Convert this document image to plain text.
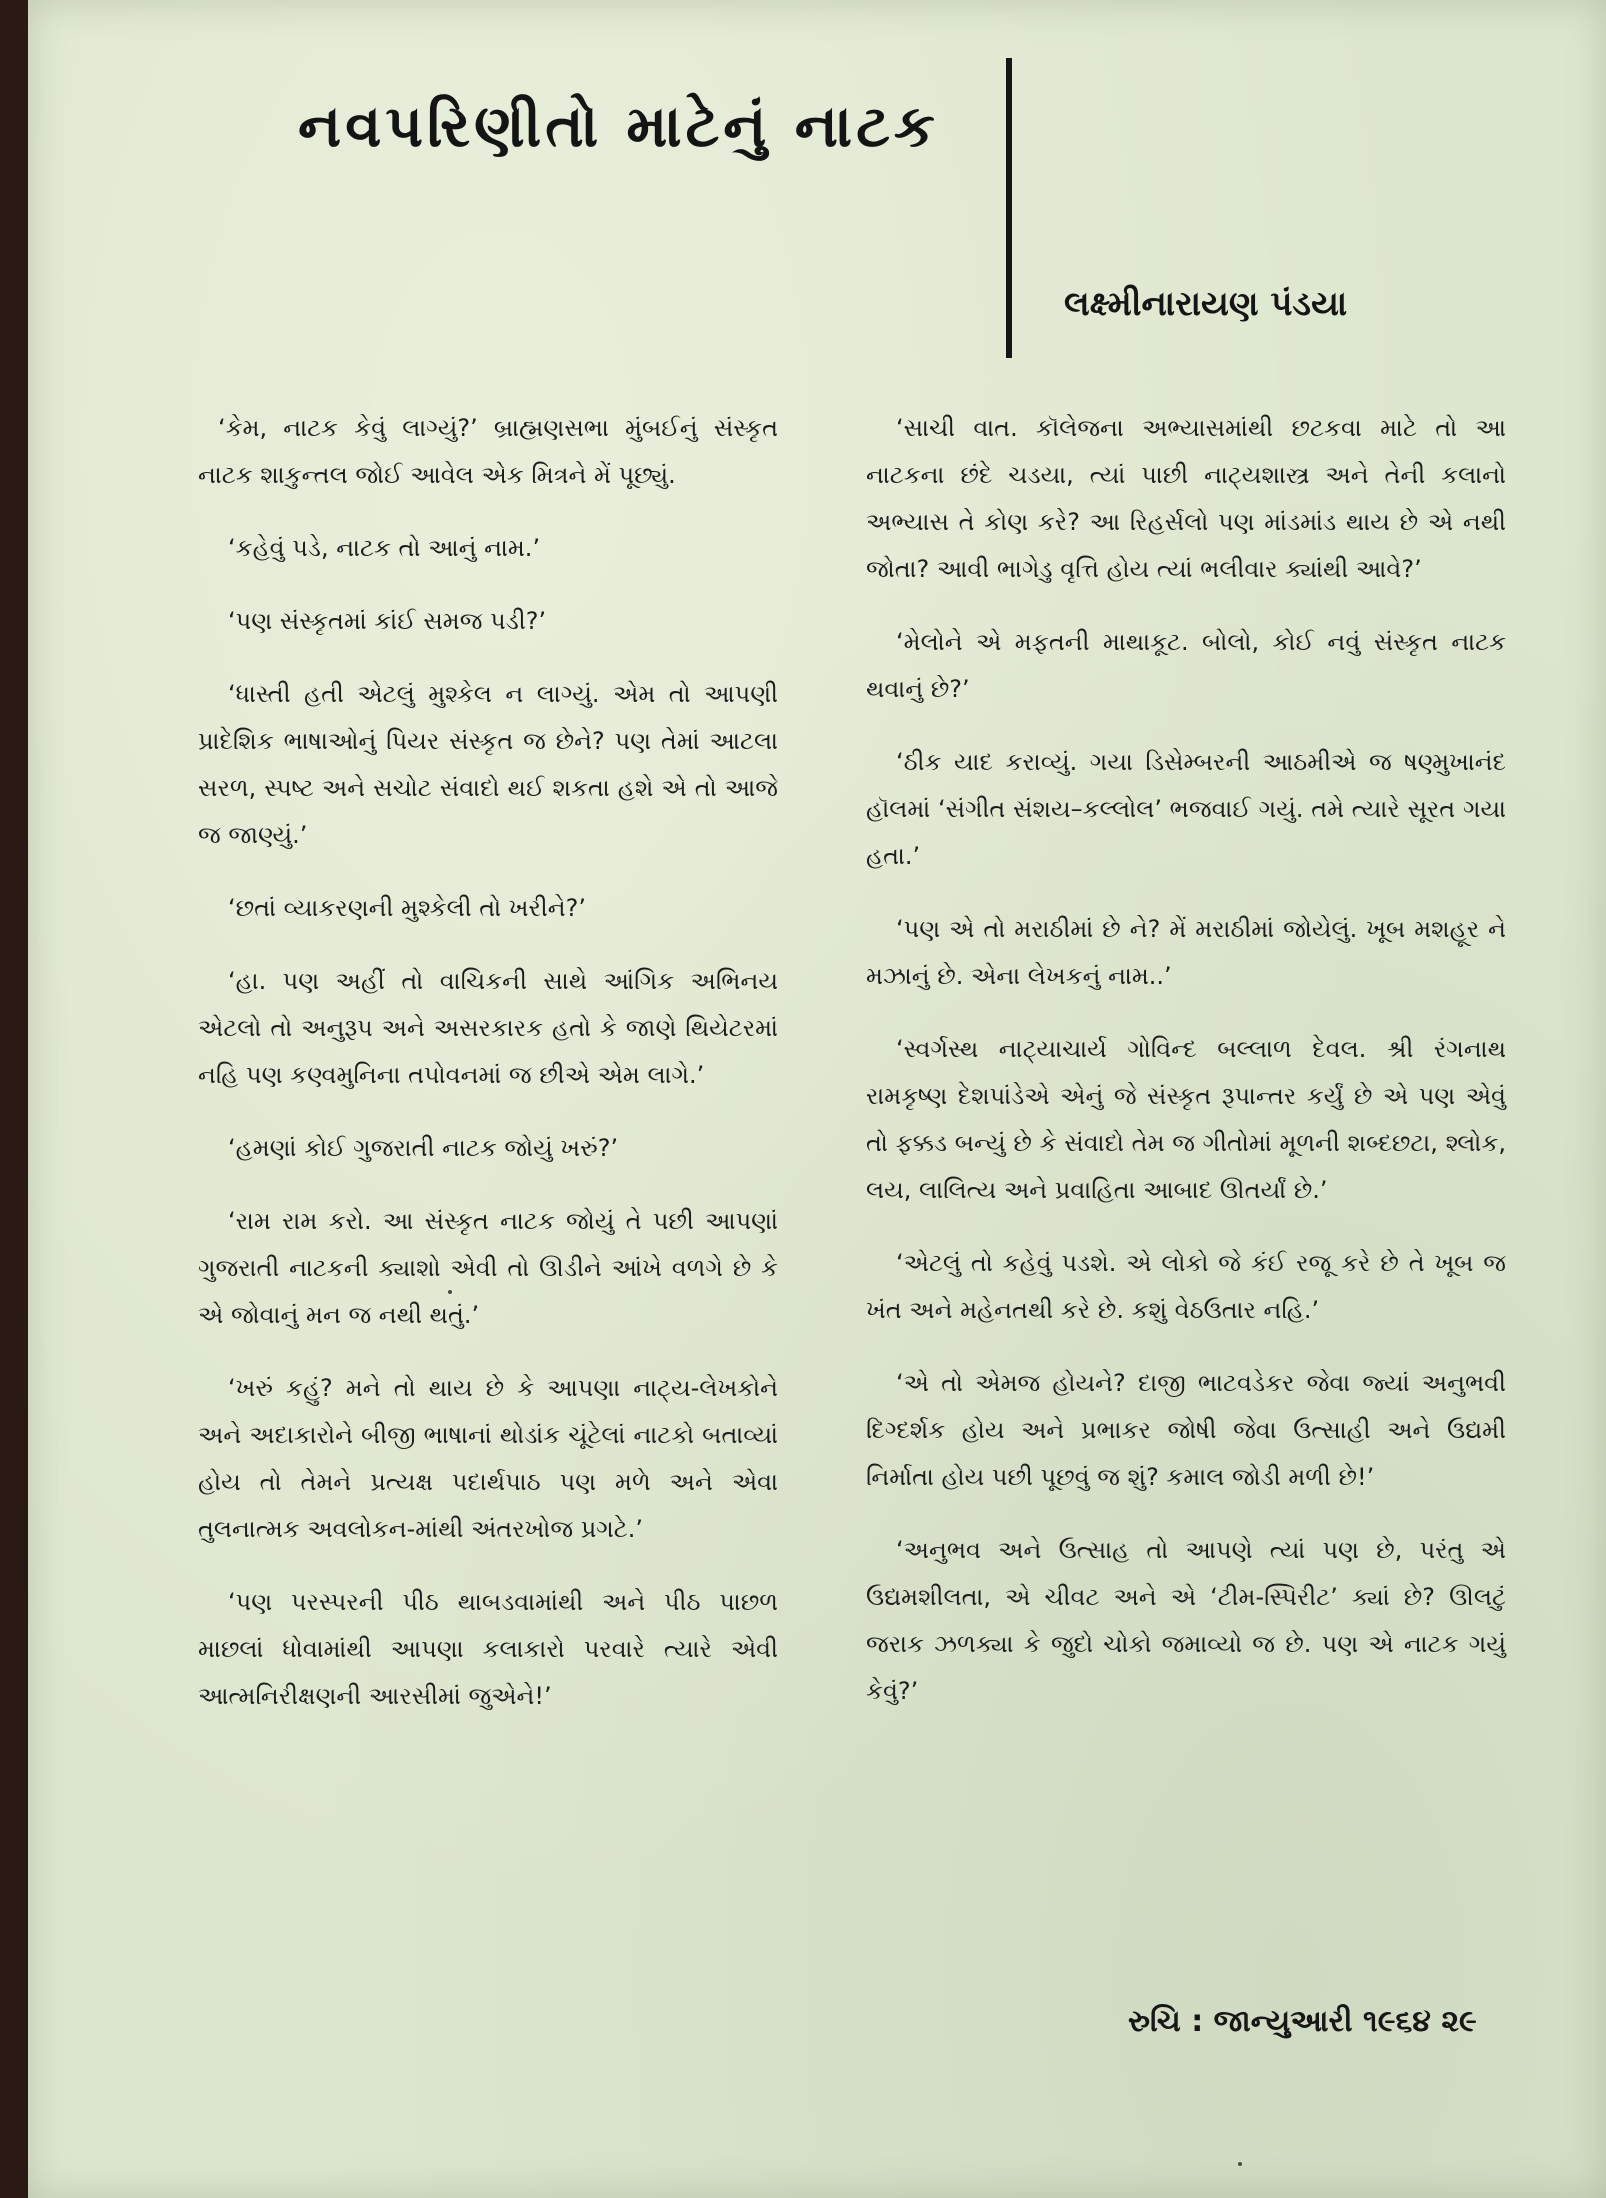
નવપરિણીતો માટેનું નાટક
લક્ષ્મીનારાયણ પંડયા

‘કેમ, નાટક કેવું લાગ્યું?’ બ્રાહ્મણસભા મુંબઈનું સંસ્કૃત નાટક શાકુન્તલ જોઈ આવેલ એક મિત્રને મેં પૂછ્યું.

‘કહેવું પડે, નાટક તો આનું નામ.’

‘પણ સંસ્કૃતમાં કાંઈ સમજ પડી?’

‘ધાસ્તી હતી એટલું મુશ્કેલ ન લાગ્યું. એમ તો આપણી પ્રાદેશિક ભાષાઓનું પિયર સંસ્કૃત જ છેને? પણ તેમાં આટલા સરળ, સ્પષ્ટ અને સચોટ સંવાદો થઈ શકતા હશે એ તો આજે જ જાણ્યું.’

‘છતાં વ્યાકરણની મુશ્કેલી તો ખરીને?’

‘હા. પણ અહીં તો વાચિકની સાથે આંગિક અભિનય એટલો તો અનુરૂપ અને અસરકારક હતો કે જાણે થિયેટરમાં નહિ પણ કણ્વમુનિના તપોવનમાં જ છીએ એમ લાગે.’

‘હમણાં કોઈ ગુજરાતી નાટક જોયું ખરું?’

‘રામ રામ કરો. આ સંસ્કૃત નાટક જોયું તે પછી આપણાં ગુજરાતી નાટકની ક્યાશો એવી તો ઊડીને આંખે વળગે છે કે એ જોવાનું મન જ નથી થતું.’

‘ખરું કહું? મને તો થાય છે કે આપણા નાટ્ય-લેખકોને અને અદાકારોને બીજી ભાષાનાં થોડાંક ચૂંટેલાં નાટકો બતાવ્યાં હોય તો તેમને પ્રત્યક્ષ પદાર્થપાઠ પણ મળે અને એવા તુલનાત્મક અવલોકન-માંથી અંતરખોજ પ્રગટે.’

‘પણ પરસ્પરની પીઠ થાબડવામાંથી અને પીઠ પાછળ માછલાં ધોવામાંથી આપણા કલાકારો પરવારે ત્યારે એવી આત્મનિરીક્ષણની આરસીમાં જુએને!’

‘સાચી વાત. કૉલેજના અભ્યાસમાંથી છટકવા માટે તો આ નાટકના છંદે ચડયા, ત્યાં પાછી નાટ્યશાસ્ત્ર અને તેની કલાનો અભ્યાસ તે કોણ કરે? આ રિહર્સલો પણ માંડમાંડ થાય છે એ નથી જોતા? આવી ભાગેડુ વૃત્તિ હોય ત્યાં ભલીવાર ક્યાંથી આવે?’

‘મેલોને એ મફતની માથાકૂટ. બોલો, કોઈ નવું સંસ્કૃત નાટક થવાનું છે?’

‘ઠીક યાદ કરાવ્યું. ગયા ડિસેમ્બરની આઠમીએ જ ષણ્મુખાનંદ હૉલમાં ‘સંગીત સંશય–કલ્લોલ’ ભજવાઈ ગયું. તમે ત્યારે સૂરત ગયા હતા.’

‘પણ એ તો મરાઠીમાં છે ને? મેં મરાઠીમાં જોયેલું. ખૂબ મશહૂર ને મઝાનું છે. એના લેખકનું નામ..’

‘સ્વર્ગસ્થ નાટ્યાચાર્ય ગોવિન્દ બલ્લાળ દેવલ. શ્રી રંગનાથ રામકૃષ્ણ દેશપાંડેએ એનું જે સંસ્કૃત રૂપાન્તર કર્યું છે એ પણ એવું તો ફક્કડ બન્યું છે કે સંવાદો તેમ જ ગીતોમાં મૂળની શબ્દછટા, શ્લોક, લય, લાલિત્ય અને પ્રવાહિતા આબાદ ઊતર્યાં છે.’

‘એટલું તો કહેવું પડશે. એ લોકો જે કંઈ રજૂ કરે છે તે ખૂબ જ ખંત અને મહેનતથી કરે છે. કશું વેઠઉતાર નહિ.’

‘એ તો એમજ હોયને? દાજી ભાટવડેકર જેવા જ્યાં અનુભવી દિગ્દર્શક હોય અને પ્રભાકર જોષી જેવા ઉત્સાહી અને ઉદ્યમી નિર્માતા હોય પછી પૂછવું જ શું? કમાલ જોડી મળી છે!’

‘અનુભવ અને ઉત્સાહ તો આપણે ત્યાં પણ છે, પરંતુ એ ઉદ્યમશીલતા, એ ચીવટ અને એ ‘ટીમ-સ્પિરીટ’ ક્યાં છે? ઊલટું જરાક ઝળક્યા કે જુદો ચોકો જમાવ્યો જ છે. પણ એ નાટક ગયું કેવું?’

રુચિ : જાન્યુઆરી ૧૯૬૪ ૨૯
